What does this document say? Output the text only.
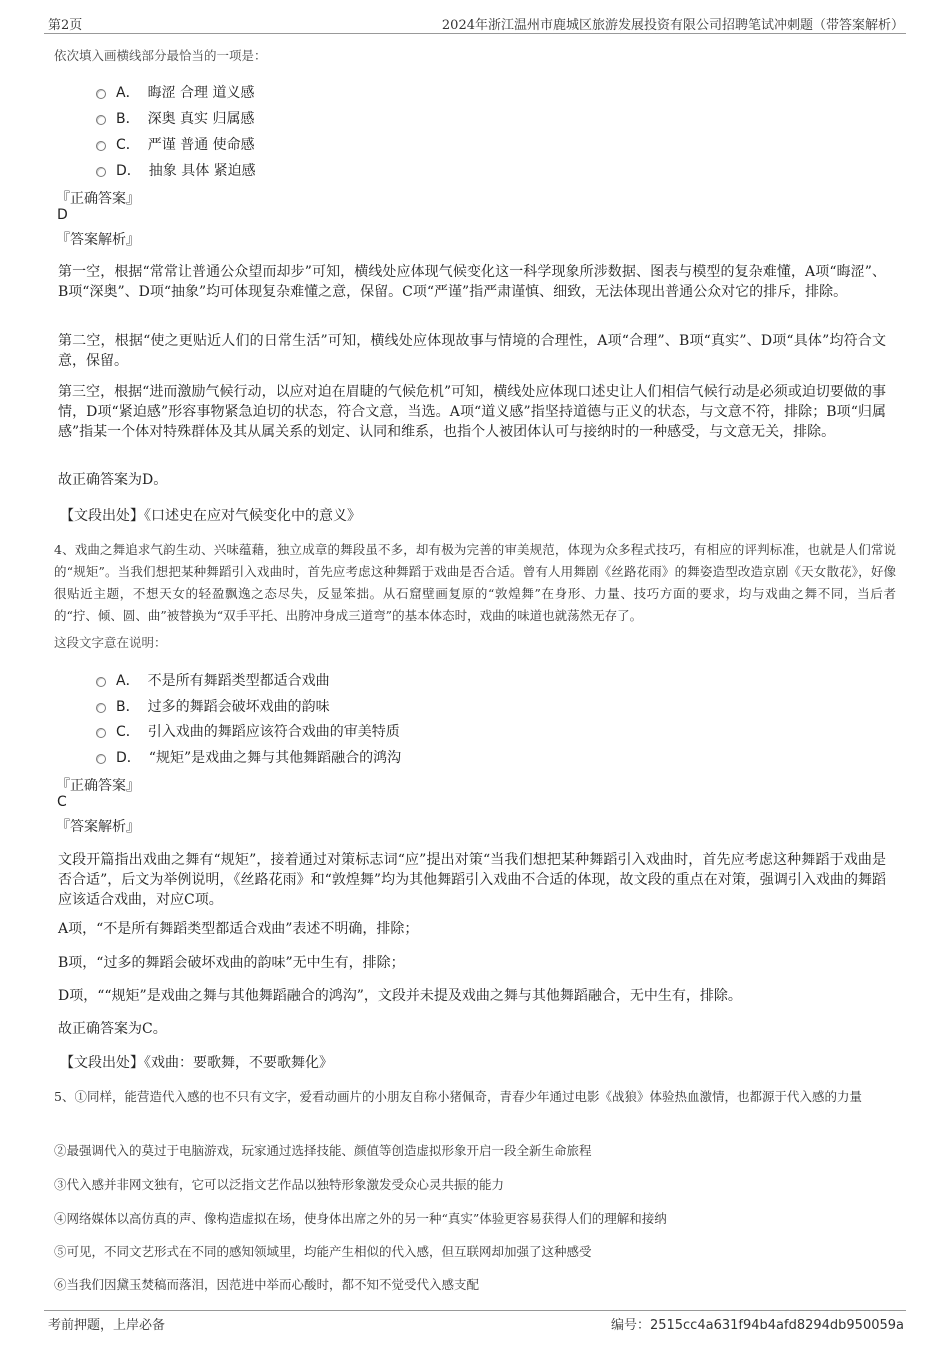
第2页	2024年浙江温州市鹿城区旅游发展投资有限公司招聘笔试冲刺题（带答案解析）
依次填入画横线部分最恰当的一项是：
A． 晦涩 合理 道义感
B． 深奥 真实 归属感
C． 严谨 普通 使命感
D． 抽象 具体 紧迫感
『正确答案』
D
『答案解析』
第一空，根据“常常让普通公众望而却步”可知，横线处应体现气候变化这一科学现象所涉数据、图表与模型的复杂难懂，A项“晦涩”、B项“深奥”、D项“抽象”均可体现复杂难懂之意，保留。C项“严谨”指严肃谨慎、细致，无法体现出普通公众对它的排斥，排除。
第二空，根据“使之更贴近人们的日常生活”可知，横线处应体现故事与情境的合理性，A项“合理”、B项“真实”、D项“具体”均符合文意，保留。
第三空，根据“进而激励气候行动，以应对迫在眉睫的气候危机”可知，横线处应体现口述史让人们相信气候行动是必须或迫切要做的事情，D项“紧迫感”形容事物紧急迫切的状态，符合文意，当选。A项“道义感”指坚持道德与正义的状态，与文意不符，排除；B项“归属感”指某一个体对特殊群体及其从属关系的划定、认同和维系，也指个人被团体认可与接纳时的一种感受，与文意无关，排除。
故正确答案为D。
【文段出处】《口述史在应对气候变化中的意义》
4、戏曲之舞追求气韵生动、兴味蕴藉，独立成章的舞段虽不多，却有极为完善的审美规范，体现为众多程式技巧，有相应的评判标准，也就是人们常说的“规矩”。当我们想把某种舞蹈引入戏曲时，首先应考虑这种舞蹈于戏曲是否合适。曾有人用舞剧《丝路花雨》的舞姿造型改造京剧《天女散花》，好像很贴近主题，不想天女的轻盈飘逸之态尽失，反显笨拙。从石窟壁画复原的“敦煌舞”在身形、力量、技巧方面的要求，均与戏曲之舞不同，当后者的“拧、倾、圆、曲”被替换为“双手平托、出胯冲身成三道弯”的基本体态时，戏曲的味道也就荡然无存了。
这段文字意在说明：
A． 不是所有舞蹈类型都适合戏曲
B． 过多的舞蹈会破坏戏曲的韵味
C． 引入戏曲的舞蹈应该符合戏曲的审美特质
D． “规矩”是戏曲之舞与其他舞蹈融合的鸿沟
『正确答案』
C
『答案解析』
文段开篇指出戏曲之舞有“规矩”，接着通过对策标志词“应”提出对策“当我们想把某种舞蹈引入戏曲时，首先应考虑这种舞蹈于戏曲是否合适”，后文为举例说明，《丝路花雨》和“敦煌舞”均为其他舞蹈引入戏曲不合适的体现，故文段的重点在对策，强调引入戏曲的舞蹈应该适合戏曲，对应C项。
A项，“不是所有舞蹈类型都适合戏曲”表述不明确，排除；
B项，“过多的舞蹈会破坏戏曲的韵味”无中生有，排除；
D项，““规矩”是戏曲之舞与其他舞蹈融合的鸿沟”，文段并未提及戏曲之舞与其他舞蹈融合，无中生有，排除。
故正确答案为C。
【文段出处】《戏曲：要歌舞，不要歌舞化》
5、①同样，能营造代入感的也不只有文字，爱看动画片的小朋友自称小猪佩奇，青春少年通过电影《战狼》体验热血激情，也都源于代入感的力量
②最强调代入的莫过于电脑游戏，玩家通过选择技能、颜值等创造虚拟形象开启一段全新生命旅程
③代入感并非网文独有，它可以泛指文艺作品以独特形象激发受众心灵共振的能力
④网络媒体以高仿真的声、像构造虚拟在场，使身体出席之外的另一种“真实”体验更容易获得人们的理解和接纳
⑤可见，不同文艺形式在不同的感知领域里，均能产生相似的代入感，但互联网却加强了这种感受
⑥当我们因黛玉焚稿而落泪，因范进中举而心酸时，都不知不觉受代入感支配
考前押题，上岸必备	编号：2515cc4a631f94b4afd8294db950059a
